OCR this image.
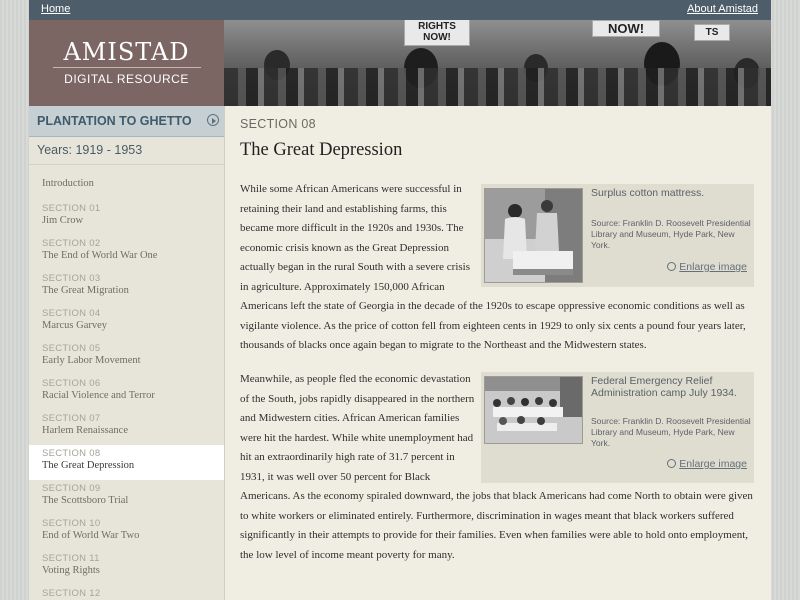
Home	About Amistad
AMISTAD
DIGITAL RESOURCE
RIGHTS NOW!
NOW!	TS
PLANTATION TO GHETTO
Years: 1919 - 1953
Introduction
SECTION 01
Jim Crow
SECTION 02
The End of World War One
SECTION 03
The Great Migration
SECTION 04
Marcus Garvey
SECTION 05
Early Labor Movement
SECTION 06
Racial Violence and Terror
SECTION 07
Harlem Renaissance
SECTION 08
The Great Depression
SECTION 09
The Scottsboro Trial
SECTION 10
End of World War Two
SECTION 11
Voting Rights
SECTION 12
SECTION 08
The Great Depression
Surplus cotton mattress.
Source: Franklin D. Roosevelt Presidential Library and Museum, Hyde Park, New York.
Enlarge image
While some African Americans were successful in retaining their land and establishing farms, this became more difficult in the 1920s and 1930s. The economic crisis known as the Great Depression actually began in the rural South with a severe crisis in agriculture. Approximately 150,000 African Americans left the state of Georgia in the decade of the 1920s to escape oppressive economic conditions as well as vigilante violence. As the price of cotton fell from eighteen cents in 1929 to only six cents a pound four years later, thousands of blacks once again began to migrate to the Northeast and the Midwestern states.
Federal Emergency Relief Administration camp July 1934.
Source: Franklin D. Roosevelt Presidential Library and Museum, Hyde Park, New York.
Enlarge image
Meanwhile, as people fled the economic devastation of the South, jobs rapidly disappeared in the northern and Midwestern cities. African American families were hit the hardest. While white unemployment had hit an extraordinarily high rate of 31.7 percent in 1931, it was well over 50 percent for Black Americans. As the economy spiraled downward, the jobs that black Americans had come North to obtain were given to white workers or eliminated entirely. Furthermore, discrimination in wages meant that black workers suffered significantly in their attempts to provide for their families. Even when families were able to hold onto employment, the low level of income meant poverty for many.
